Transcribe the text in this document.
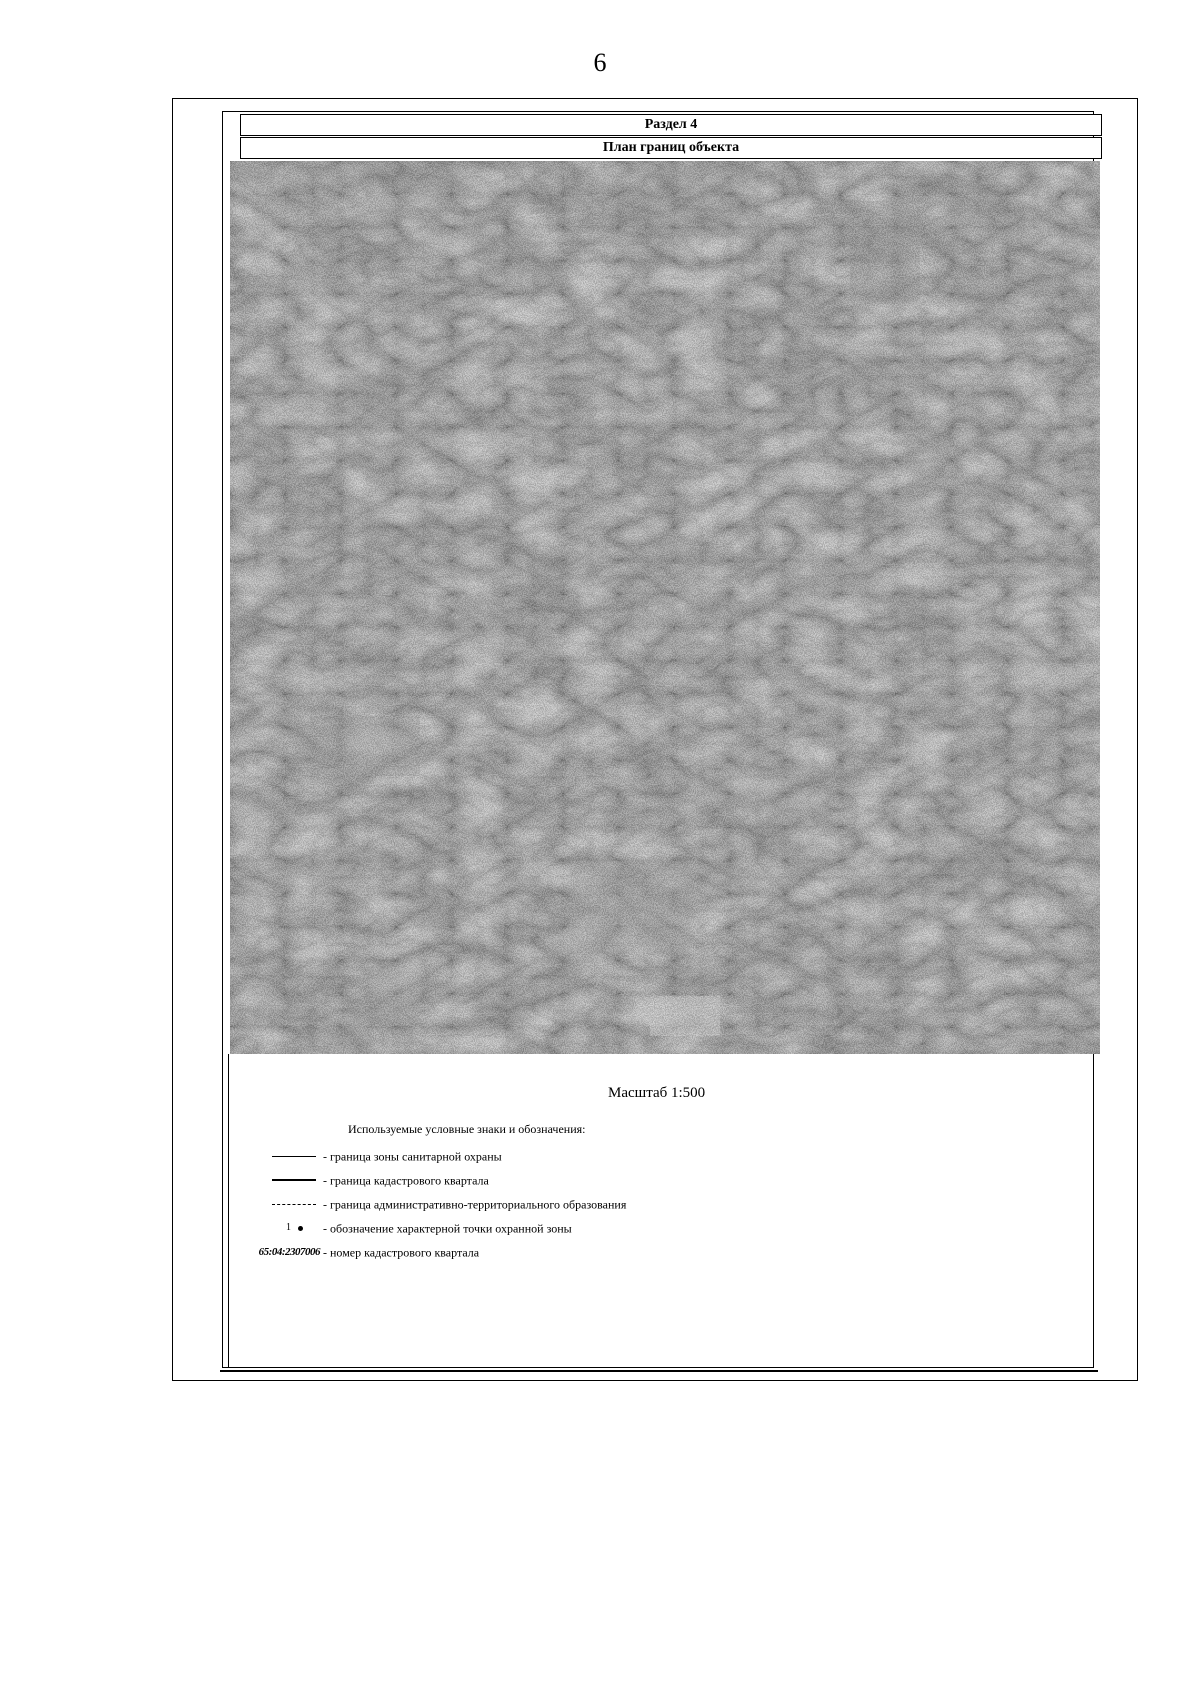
6
Раздел 4
План границ объекта
Масштаб 1:500
Используемые условные знаки и обозначения:
- граница зоны санитарной охраны
- граница кадастрового квартала
- граница административно-территориального образования
1	- обозначение характерной точки охранной зоны
65:04:2307006 - номер кадастрового квартала
